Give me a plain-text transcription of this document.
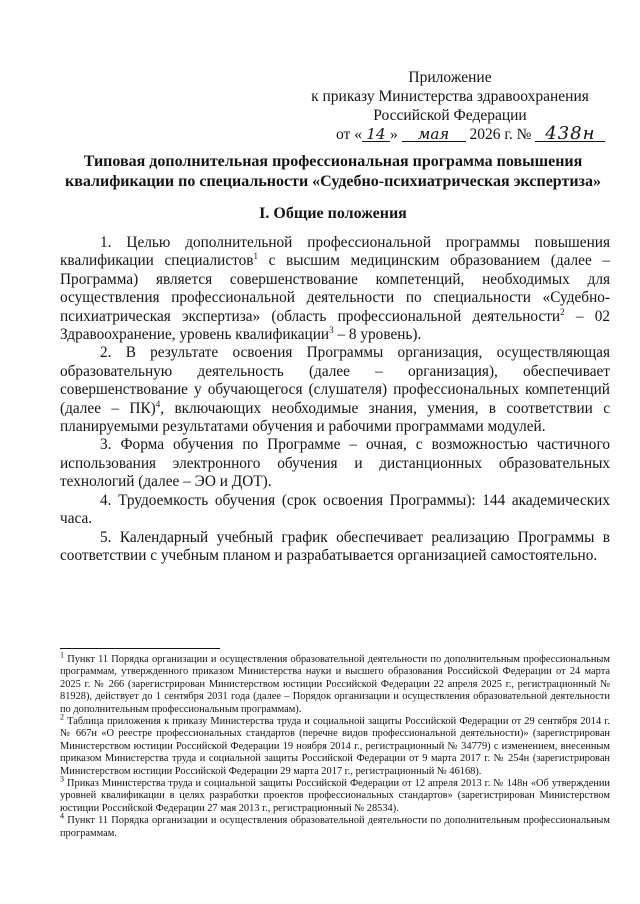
Приложение
к приказу Министерства здравоохранения
Российской Федерации
от « 14 » мая 2026 г. № 438н
Типовая дополнительная профессиональная программа повышения квалификации по специальности «Судебно-психиатрическая экспертиза»
I. Общие положения

1. Целью дополнительной профессиональной программы повышения квалификации специалистов$^1$ с высшим медицинским образованием (далее – Программа) является совершенствование компетенций, необходимых для осуществления профессиональной деятельности по специальности «Судебно-психиатрическая экспертиза» (область профессиональной деятельности$^2$ – 02 Здравоохранение, уровень квалификации$^3$ – 8 уровень).

2. В результате освоения Программы организация, осуществляющая образовательную деятельность (далее – организация), обеспечивает совершенствование у обучающегося (слушателя) профессиональных компетенций (далее – ПК)$^4$, включающих необходимые знания, умения, в соответствии с планируемыми результатами обучения и рабочими программами модулей.

3. Форма обучения по Программе – очная, с возможностью частичного использования электронного обучения и дистанционных образовательных технологий (далее – ЭО и ДОТ).

4. Трудоемкость обучения (срок освоения Программы): 144 академических часа.

5. Календарный учебный график обеспечивает реализацию Программы в соответствии с учебным планом и разрабатывается организацией самостоятельно.

$^1$ Пункт 11 Порядка организации и осуществления образовательной деятельности по дополнительным профессиональным программам, утвержденного приказом Министерства науки и высшего образования Российской Федерации от 24 марта 2025 г. № 266 (зарегистрирован Министерством юстиции Российской Федерации 22 апреля 2025 г., регистрационный № 81928), действует до 1 сентября 2031 года (далее – Порядок организации и осуществления образовательной деятельности по дополнительным профессиональным программам).

$^2$ Таблица приложения к приказу Министерства труда и социальной защиты Российской Федерации от 29 сентября 2014 г. № 667н «О реестре профессиональных стандартов (перечне видов профессиональной деятельности)» (зарегистрирован Министерством юстиции Российской Федерации 19 ноября 2014 г., регистрационный № 34779) с изменением, внесенным приказом Министерства труда и социальной защиты Российской Федерации от 9 марта 2017 г. № 254н (зарегистрирован Министерством юстиции Российской Федерации 29 марта 2017 г., регистрационный № 46168).

$^3$ Приказ Министерства труда и социальной защиты Российской Федерации от 12 апреля 2013 г. № 148н «Об утверждении уровней квалификации в целях разработки проектов профессиональных стандартов» (зарегистрирован Министерством юстиции Российской Федерации 27 мая 2013 г., регистрационный № 28534).

$^4$ Пункт 11 Порядка организации и осуществления образовательной деятельности по дополнительным профессиональным программам.
